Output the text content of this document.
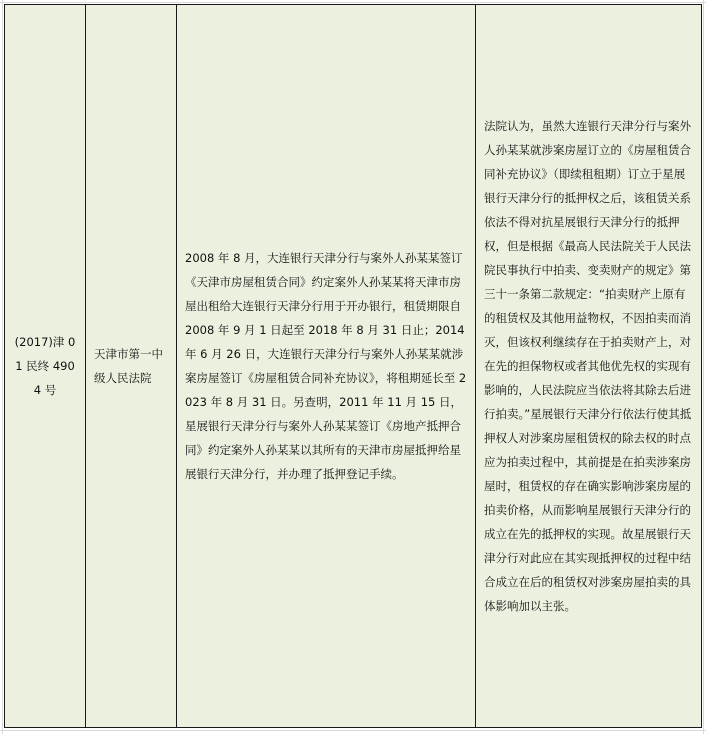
(2017)津 01 民终 4904 号

天津市第一中级人民法院

2008 年 8 月，大连银行天津分行与案外人孙某某签订《天津市房屋租赁合同》约定案外人孙某某将天津市房屋出租给大连银行天津分行用于开办银行，租赁期限自 2008 年 9 月 1 日起至 2018 年 8 月 31 日止；2014 年 6 月 26 日，大连银行天津分行与案外人孙某某就涉案房屋签订《房屋租赁合同补充协议》，将租期延长至 2023 年 8 月 31 日。另查明，2011 年 11 月 15 日，星展银行天津分行与案外人孙某某签订《房地产抵押合同》约定案外人孙某某以其所有的天津市房屋抵押给星展银行天津分行，并办理了抵押登记手续。

法院认为，虽然大连银行天津分行与案外人孙某某就涉案房屋订立的《房屋租赁合同补充协议》（即续租租期）订立于星展银行天津分行的抵押权之后，该租赁关系依法不得对抗星展银行天津分行的抵押权，但是根据《最高人民法院关于人民法院民事执行中拍卖、变卖财产的规定》第三十一条第二款规定：“拍卖财产上原有的租赁权及其他用益物权，不因拍卖而消灭，但该权利继续存在于拍卖财产上，对在先的担保物权或者其他优先权的实现有影响的，人民法院应当依法将其除去后进行拍卖。”星展银行天津分行依法行使其抵押权人对涉案房屋租赁权的除去权的时点应为拍卖过程中，其前提是在拍卖涉案房屋时，租赁权的存在确实影响涉案房屋的拍卖价格，从而影响星展银行天津分行的成立在先的抵押权的实现。故星展银行天津分行对此应在其实现抵押权的过程中结合成立在后的租赁权对涉案房屋拍卖的具体影响加以主张。
